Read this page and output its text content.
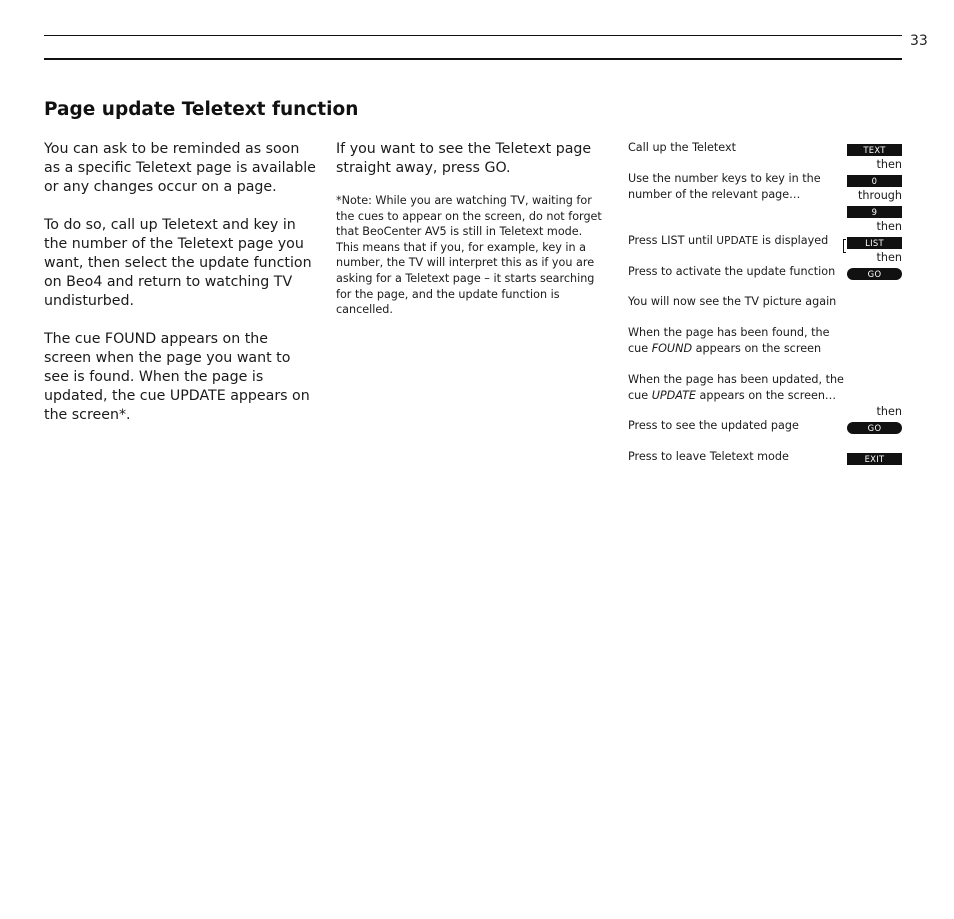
33
Page update Teletext function

You can ask to be reminded as soon as a specific Teletext page is available or any changes occur on a page.

To do so, call up Teletext and key in the number of the Teletext page you want, then select the update function on Beo4 and return to watching TV undisturbed.

The cue FOUND appears on the screen when the page you want to see is found. When the page is updated, the cue UPDATE appears on the screen*.

If you want to see the Teletext page straight away, press GO.

*Note: While you are watching TV, waiting for the cues to appear on the screen, do not forget that BeoCenter AV5 is still in Teletext mode. This means that if you, for example, key in a number, the TV will interpret this as if you are asking for a Teletext page – it starts searching for the page, and the update function is cancelled.

Call up the Teletext

Use the number keys to key in the number of the relevant page…

Press LIST until UPDATE is displayed

Press to activate the update function

You will now see the TV picture again

When the page has been found, the cue FOUND appears on the screen

When the page has been updated, the cue UPDATE appears on the screen…

Press to see the updated page

Press to leave Teletext mode

TEXT
then
0
through
9
then
LIST
then
GO
then
GO
EXIT
